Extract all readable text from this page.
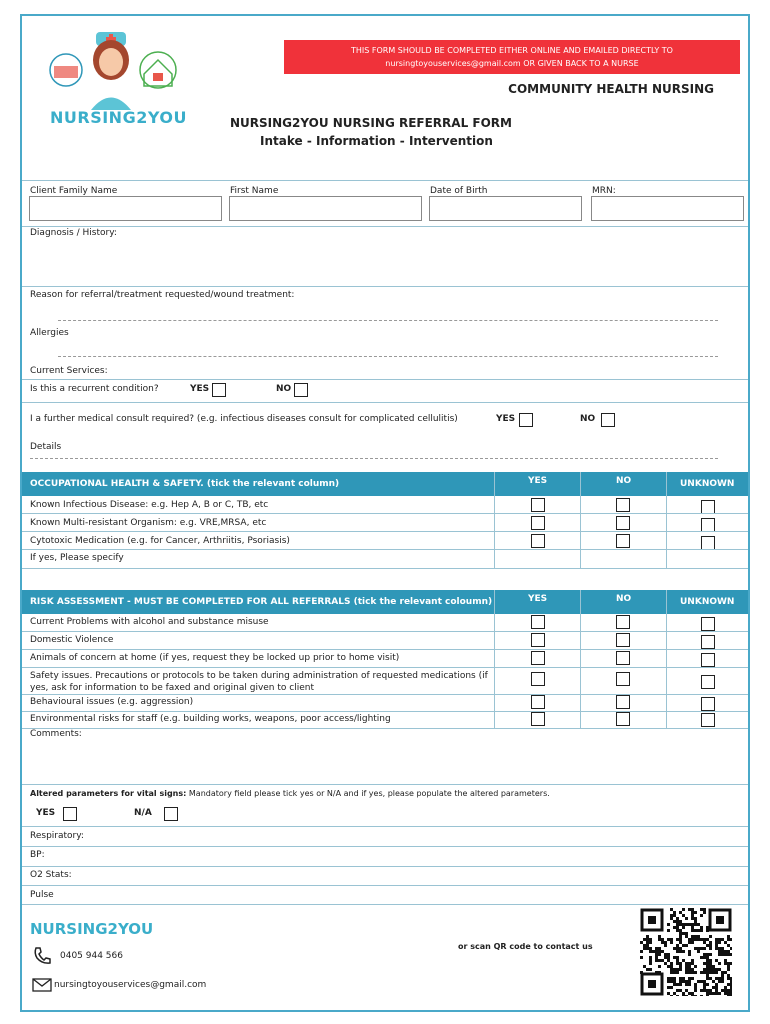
NURSING2YOU
THIS FORM SHOULD BE COMPLETED EITHER ONLINE AND EMAILED DIRECTLY TO nursingtoyouservices@gmail.com OR GIVEN BACK TO A NURSE
COMMUNITY HEALTH NURSING
NURSING2YOU NURSING REFERRAL FORM
Intake - Information - Intervention
Client Family Name	First Name	Date of Birth	MRN:
Diagnosis / History:
Reason for referral/treatment requested/wound treatment:
Allergies
Current Services:
Is this a recurrent condition?	YES	NO
I a further medical consult required? (e.g. infectious diseases consult for complicated cellulitis)	YES	NO
Details
OCCUPATIONAL HEALTH & SAFETY. (tick the relevant column)	YES	NO	UNKNOWN
Known Infectious Disease: e.g. Hep A, B or C, TB, etc
Known Multi-resistant Organism: e.g. VRE,MRSA, etc
Cytotoxic Medication (e.g. for Cancer, Arthriitis, Psoriasis)
If yes, Please specify
RISK ASSESSMENT - MUST BE COMPLETED FOR ALL REFERRALS (tick the relevant coloumn)	YES	NO	UNKNOWN
Current Problems with alcohol and substance misuse
Domestic Violence
Animals of concern at home (if yes, request they be locked up prior to home visit)
Safety issues. Precautions or protocols to be taken during administration of requested medications (if yes, ask for information to be faxed and original given to client
Behavioural issues (e.g. aggression)
Environmental risks for staff (e.g. building works, weapons, poor access/lighting
Comments:
Altered parameters for vital signs: Mandatory field please tick yes or N/A and if yes, please populate the altered parameters.
YES	N/A
Respiratory:
BP:
O2 Stats:
Pulse
NURSING2YOU
0405 944 566
nursingtoyouservices@gmail.com
or scan QR code to contact us
